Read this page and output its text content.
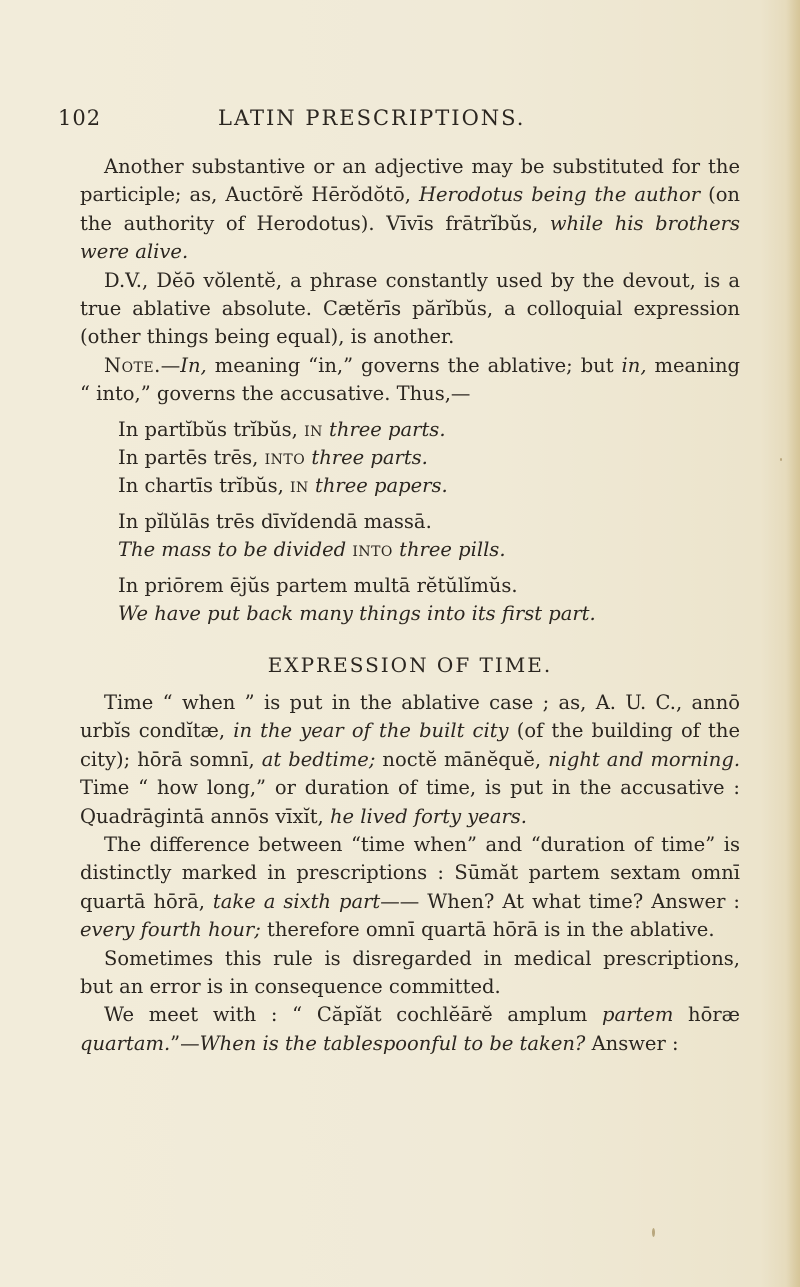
102	LATIN PRESCRIPTIONS.

Another substantive or an adjective may be substituted for the participle; as, Auctōrĕ Hērŏdŏtō, Herodotus being the author (on the authority of Herodotus). Vīvīs frātrĭbŭs, while his brothers were alive.

D.V., Dĕō vŏlentĕ, a phrase constantly used by the devout, is a true ablative absolute. Cætĕrīs părĭbŭs, a colloquial expression (other things being equal), is another.

Note.—In, meaning “in,” governs the ablative; but in, meaning “ into,” governs the accusative. Thus,—

In partĭbŭs trĭbŭs, in three parts.

In partēs trēs, into three parts.

In chartīs trĭbŭs, in three papers.

In pĭlŭlās trēs dīvĭdendā massā.

The mass to be divided into three pills.

In priōrem ējŭs partem multā rĕtŭlĭmŭs.

We have put back many things into its first part.

EXPRESSION OF TIME.

Time “ when ” is put in the ablative case ; as, A. U. C., annō urbĭs condĭtæ, in the year of the built city (of the building of the city); hōrā somnī, at bedtime; noctĕ mānĕquĕ, night and morning. Time “ how long,” or duration of time, is put in the accusative : Quadrāgintā annōs vīxĭt, he lived forty years.

The difference between “time when” and “duration of time” is distinctly marked in prescriptions : Sūmăt partem sextam omnī quartā hōrā, take a sixth part—— When? At what time? Answer : every fourth hour; therefore omnī quartā hōrā is in the ablative.

Sometimes this rule is disregarded in medical prescriptions, but an error is in consequence committed.

We meet with : “ Căpĭăt cochlĕārĕ amplum partem hōræ quartam.”—When is the tablespoonful to be taken? Answer :
